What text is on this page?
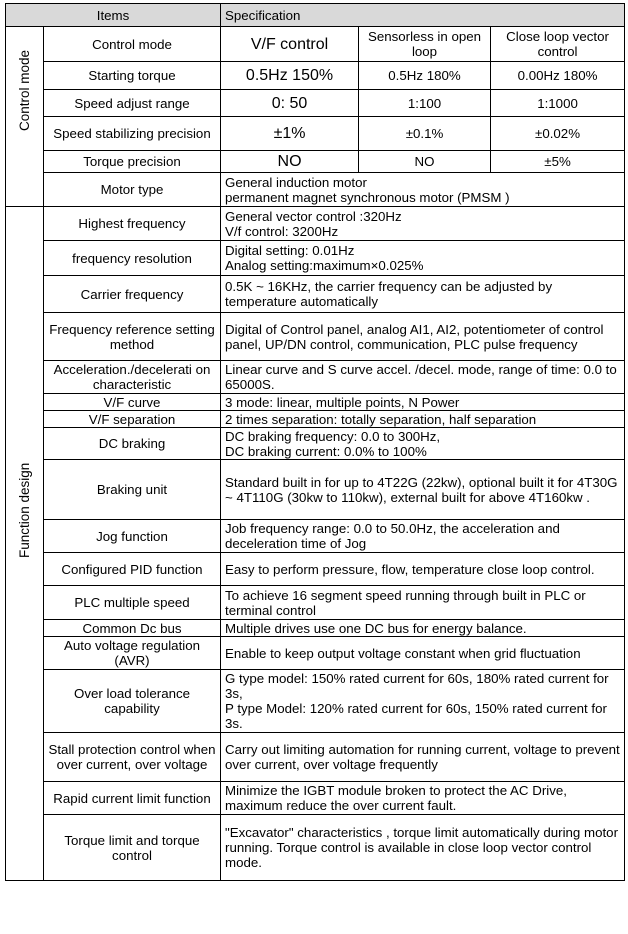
Items		Specification		

Control mode	Control mode	V/F control	Sensorless in open loop	Close loop vector control
	Starting torque	0.5Hz 150%	0.5Hz 180%	0.00Hz 180%
	Speed adjust range	0: 50	1:100	1:1000
	Speed stabilizing precision	±1%	±0.1%	±0.02%
	Torque precision	NO	NO	±5%
	Motor type	General induction motor
permanent magnet synchronous motor (PMSM )		

Function design	Highest frequency	General vector control :320Hz
V/f control: 3200Hz		

	frequency resolution	Digital setting: 0.01Hz
Analog setting:maximum×0.025%		

	Carrier frequency	0.5K ~ 16KHz, the carrier frequency can be adjusted by temperature automatically		

	Frequency reference setting method	Digital of Control panel, analog AI1, AI2, potentiometer of control panel, UP/DN control, communication, PLC pulse frequency		

	Acceleration./decelerati on characteristic	Linear curve and S curve accel. /decel. mode, range of time: 0.0 to 65000S.		

	V/F curve	3 mode: linear, multiple points, N Power		

	V/F separation	2 times separation: totally separation, half separation		

	DC braking	DC braking frequency: 0.0 to 300Hz,
DC braking current: 0.0% to 100%		

	Braking unit	Standard built in for up to 4T22G (22kw), optional built it for 4T30G ~ 4T110G (30kw to 110kw), external built for above 4T160kw .		

	Jog function	Job frequency range: 0.0 to 50.0Hz, the acceleration and deceleration time of Jog		

	Configured PID function	Easy to perform pressure, flow, temperature close loop control.		

	PLC multiple speed	To achieve 16 segment speed running through built in PLC or terminal control		

	Common Dc bus	Multiple drives use one DC bus for energy balance.		

	Auto voltage regulation (AVR)	Enable to keep output voltage constant when grid fluctuation		

	Over load tolerance capability	G type model: 150% rated current for 60s, 180% rated current for 3s,
P type Model: 120% rated current for 60s, 150% rated current for 3s.		

	Stall protection control when over current, over voltage	Carry out limiting automation for running current, voltage to prevent over current, over voltage frequently		

	Rapid current limit function	Minimize the IGBT module broken to protect the AC Drive, maximum reduce the over current fault.		

	Torque limit and torque control	"Excavator" characteristics , torque limit automatically during motor running. Torque control is available in close loop vector control mode.		
